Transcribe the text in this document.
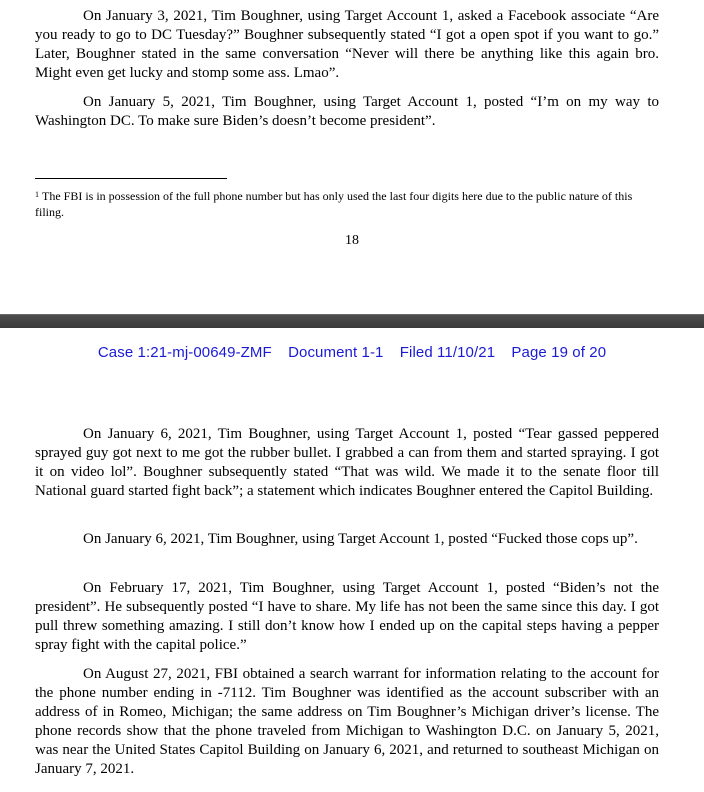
On January 3, 2021, Tim Boughner, using Target Account 1, asked a Facebook associate “Are you ready to go to DC Tuesday?” Boughner subsequently stated “I got a open spot if you want to go.” Later, Boughner stated in the same conversation “Never will there be anything like this again bro. Might even get lucky and stomp some ass. Lmao”.

On January 5, 2021, Tim Boughner, using Target Account 1, posted “I’m on my way to Washington DC. To make sure Biden’s doesn’t become president”.

$^1$ The FBI is in possession of the full phone number but has only used the last four digits here due to the public nature of this filing.

18
Case 1:21-mj-00649-ZMF Document 1-1 Filed 11/10/21 Page 19 of 20

On January 6, 2021, Tim Boughner, using Target Account 1, posted “Tear gassed peppered sprayed guy got next to me got the rubber bullet. I grabbed a can from them and started spraying. I got it on video lol”. Boughner subsequently stated “That was wild. We made it to the senate floor till National guard started fight back”; a statement which indicates Boughner entered the Capitol Building.

On January 6, 2021, Tim Boughner, using Target Account 1, posted “Fucked those cops up”.

On February 17, 2021, Tim Boughner, using Target Account 1, posted “Biden’s not the president”. He subsequently posted “I have to share. My life has not been the same since this day. I got pull threw something amazing. I still don’t know how I ended up on the capital steps having a pepper spray fight with the capital police.”

On August 27, 2021, FBI obtained a search warrant for information relating to the account for the phone number ending in -7112. Tim Boughner was identified as the account subscriber with an address of in Romeo, Michigan; the same address on Tim Boughner’s Michigan driver’s license. The phone records show that the phone traveled from Michigan to Washington D.C. on January 5, 2021, was near the United States Capitol Building on January 6, 2021, and returned to southeast Michigan on January 7, 2021.
